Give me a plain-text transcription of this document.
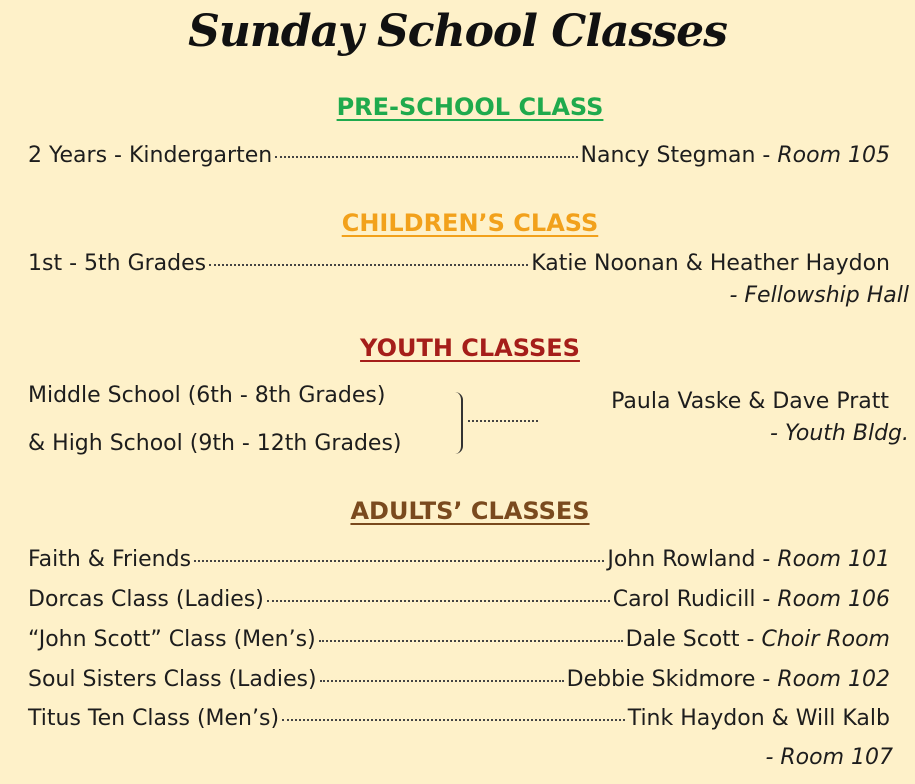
Sunday School Classes
PRE-SCHOOL CLASS
2 Years - Kindergarten	Nancy Stegman - Room 105
CHILDREN’S CLASS
1st - 5th Grades	Katie Noonan & Heather Haydon
- Fellowship Hall
YOUTH CLASSES
Middle School (6th - 8th Grades)
& High School (9th - 12th Grades)
Paula Vaske & Dave Pratt
- Youth Bldg.
ADULTS’ CLASSES
Faith & Friends	John Rowland - Room 101
Dorcas Class (Ladies)	Carol Rudicill - Room 106
“John Scott” Class (Men’s)	Dale Scott - Choir Room
Soul Sisters Class (Ladies)	Debbie Skidmore - Room 102
Titus Ten Class (Men’s)	Tink Haydon & Will Kalb
- Room 107
